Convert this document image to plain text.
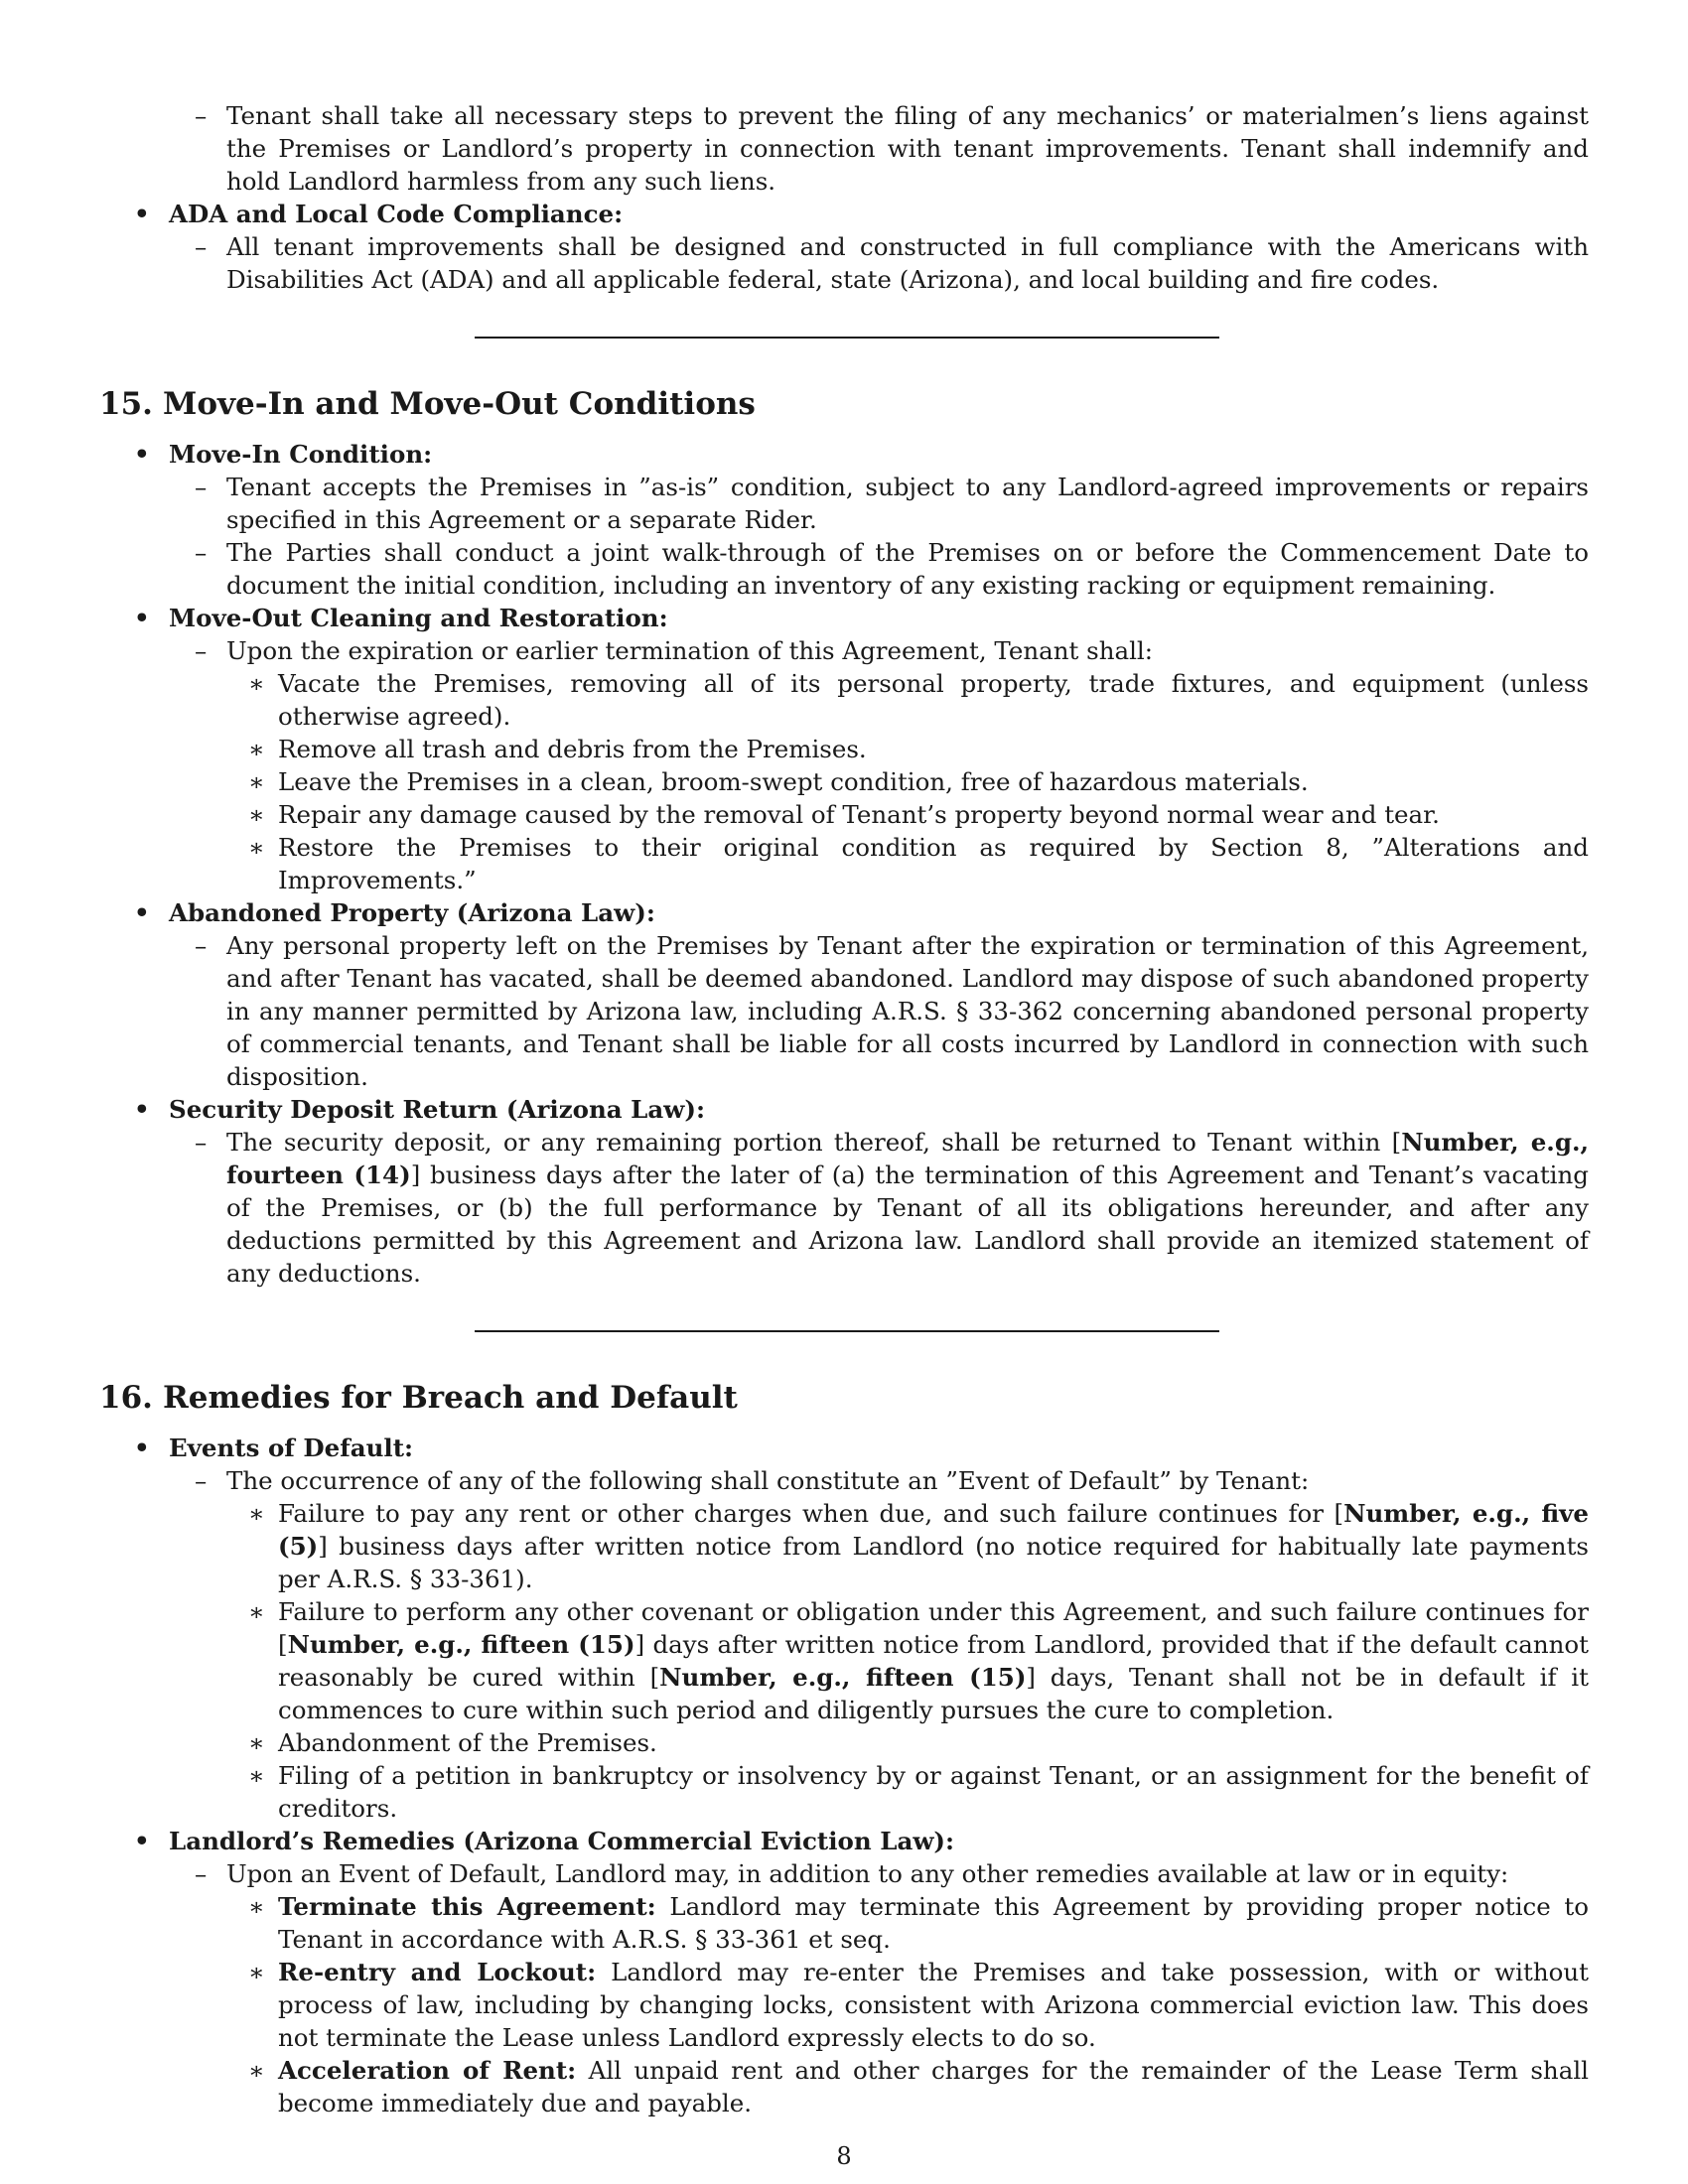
– Tenant shall take all necessary steps to prevent the filing of any mechanics’ or materialmen’s liens against the Premises or Landlord’s property in connection with tenant improvements. Tenant shall indemnify and hold Landlord harmless from any such liens.
• ADA and Local Code Compliance:
– All tenant improvements shall be designed and constructed in full compliance with the Americans with Disabilities Act (ADA) and all applicable federal, state (Arizona), and local building and fire codes.
15. Move-In and Move-Out Conditions
• Move-In Condition:
– Tenant accepts the Premises in ”as-is” condition, subject to any Landlord-agreed improvements or repairs specified in this Agreement or a separate Rider.
– The Parties shall conduct a joint walk-through of the Premises on or before the Commencement Date to document the initial condition, including an inventory of any existing racking or equipment remaining.
• Move-Out Cleaning and Restoration:
– Upon the expiration or earlier termination of this Agreement, Tenant shall:
∗ Vacate the Premises, removing all of its personal property, trade fixtures, and equipment (unless otherwise agreed).
∗ Remove all trash and debris from the Premises.
∗ Leave the Premises in a clean, broom-swept condition, free of hazardous materials.
∗ Repair any damage caused by the removal of Tenant’s property beyond normal wear and tear.
∗ Restore the Premises to their original condition as required by Section 8, ”Alterations and Improvements.”
• Abandoned Property (Arizona Law):
– Any personal property left on the Premises by Tenant after the expiration or termination of this Agreement, and after Tenant has vacated, shall be deemed abandoned. Landlord may dispose of such abandoned property in any manner permitted by Arizona law, including A.R.S. § 33-362 concerning abandoned personal property of commercial tenants, and Tenant shall be liable for all costs incurred by Landlord in connection with such disposition.
• Security Deposit Return (Arizona Law):
– The security deposit, or any remaining portion thereof, shall be returned to Tenant within [Number, e.g., fourteen (14)] business days after the later of (a) the termination of this Agreement and Tenant’s vacating of the Premises, or (b) the full performance by Tenant of all its obligations hereunder, and after any deductions permitted by this Agreement and Arizona law. Landlord shall provide an itemized statement of any deductions.
16. Remedies for Breach and Default
• Events of Default:
– The occurrence of any of the following shall constitute an ”Event of Default” by Tenant:
∗ Failure to pay any rent or other charges when due, and such failure continues for [Number, e.g., five (5)] business days after written notice from Landlord (no notice required for habitually late payments per A.R.S. § 33-361).
∗ Failure to perform any other covenant or obligation under this Agreement, and such failure continues for [Number, e.g., fifteen (15)] days after written notice from Landlord, provided that if the default cannot reasonably be cured within [Number, e.g., fifteen (15)] days, Tenant shall not be in default if it commences to cure within such period and diligently pursues the cure to completion.
∗ Abandonment of the Premises.
∗ Filing of a petition in bankruptcy or insolvency by or against Tenant, or an assignment for the benefit of creditors.
• Landlord’s Remedies (Arizona Commercial Eviction Law):
– Upon an Event of Default, Landlord may, in addition to any other remedies available at law or in equity:
∗ Terminate this Agreement: Landlord may terminate this Agreement by providing proper notice to Tenant in accordance with A.R.S. § 33-361 et seq.
∗ Re-entry and Lockout: Landlord may re-enter the Premises and take possession, with or without process of law, including by changing locks, consistent with Arizona commercial eviction law. This does not terminate the Lease unless Landlord expressly elects to do so.
∗ Acceleration of Rent: All unpaid rent and other charges for the remainder of the Lease Term shall become immediately due and payable.
8
